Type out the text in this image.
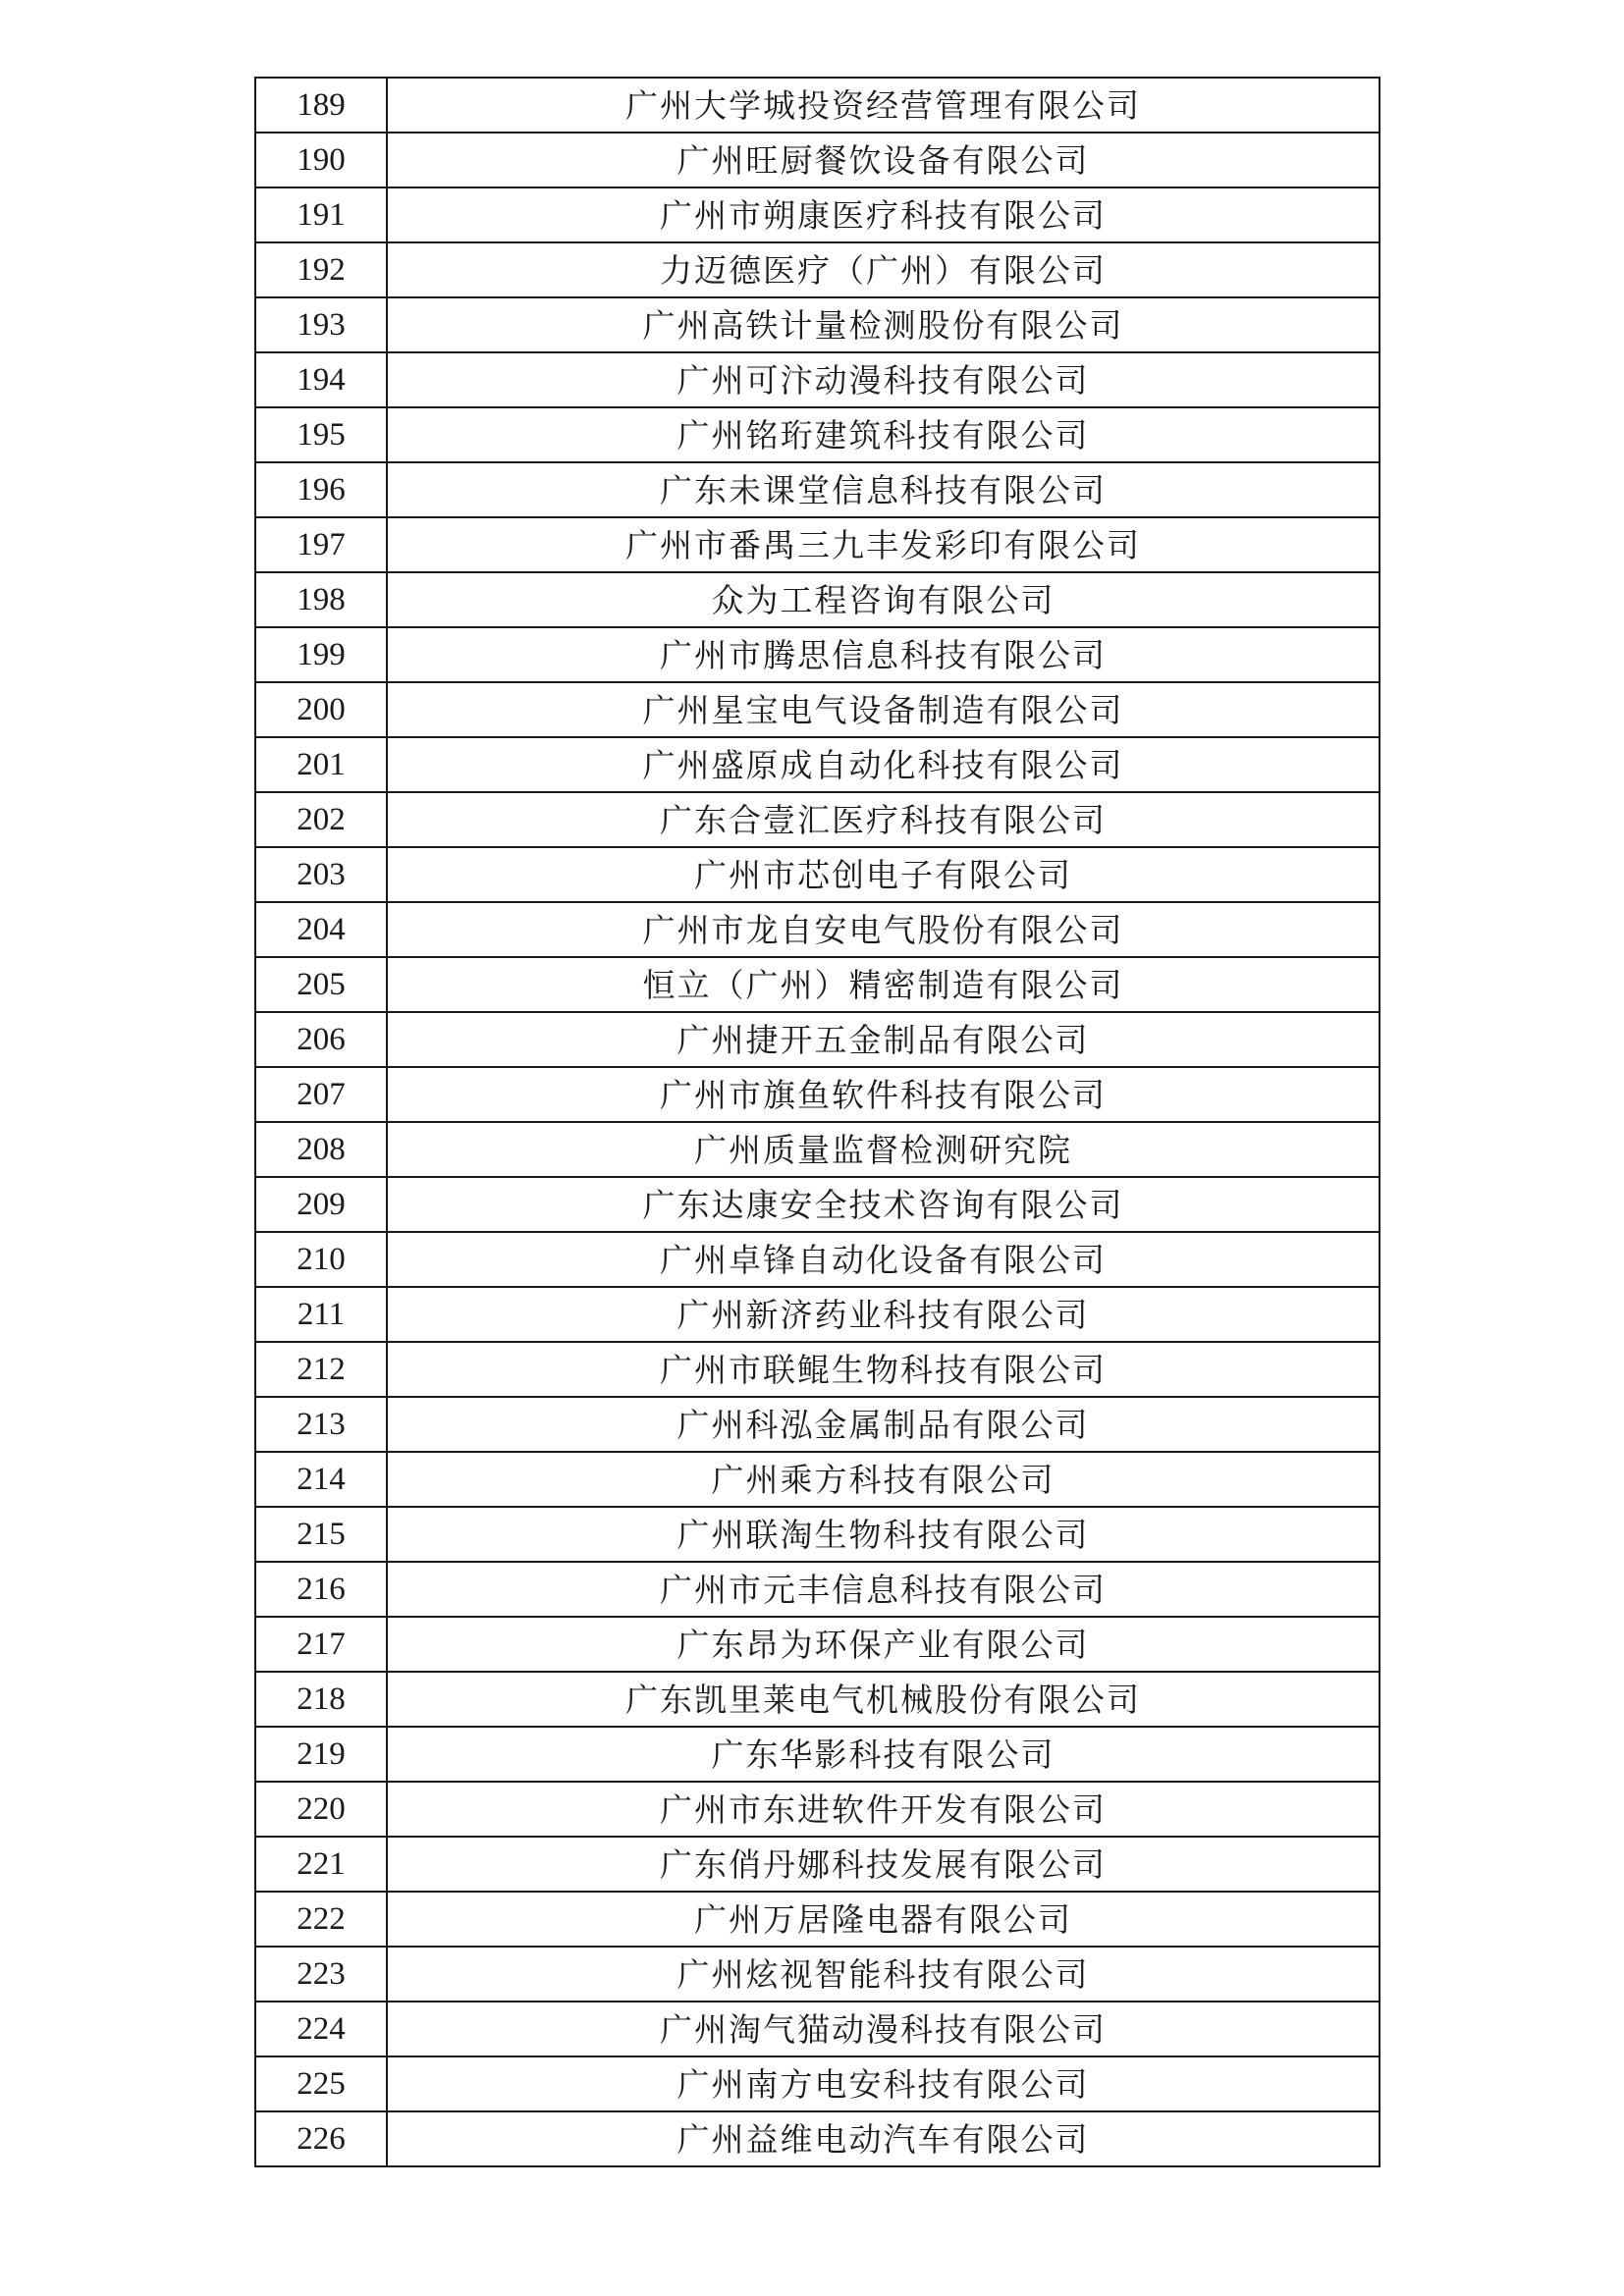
189	广州大学城投资经营管理有限公司
190	广州旺厨餐饮设备有限公司
191	广州市朔康医疗科技有限公司
192	力迈德医疗（广州）有限公司
193	广州高铁计量检测股份有限公司
194	广州可汴动漫科技有限公司
195	广州铭珩建筑科技有限公司
196	广东未课堂信息科技有限公司
197	广州市番禺三九丰发彩印有限公司
198	众为工程咨询有限公司
199	广州市腾思信息科技有限公司
200	广州星宝电气设备制造有限公司
201	广州盛原成自动化科技有限公司
202	广东合壹汇医疗科技有限公司
203	广州市芯创电子有限公司
204	广州市龙自安电气股份有限公司
205	恒立（广州）精密制造有限公司
206	广州捷开五金制品有限公司
207	广州市旗鱼软件科技有限公司
208	广州质量监督检测研究院
209	广东达康安全技术咨询有限公司
210	广州卓锋自动化设备有限公司
211	广州新济药业科技有限公司
212	广州市联鲲生物科技有限公司
213	广州科泓金属制品有限公司
214	广州乘方科技有限公司
215	广州联淘生物科技有限公司
216	广州市元丰信息科技有限公司
217	广东昂为环保产业有限公司
218	广东凯里莱电气机械股份有限公司
219	广东华影科技有限公司
220	广州市东进软件开发有限公司
221	广东俏丹娜科技发展有限公司
222	广州万居隆电器有限公司
223	广州炫视智能科技有限公司
224	广州淘气猫动漫科技有限公司
225	广州南方电安科技有限公司
226	广州益维电动汽车有限公司
